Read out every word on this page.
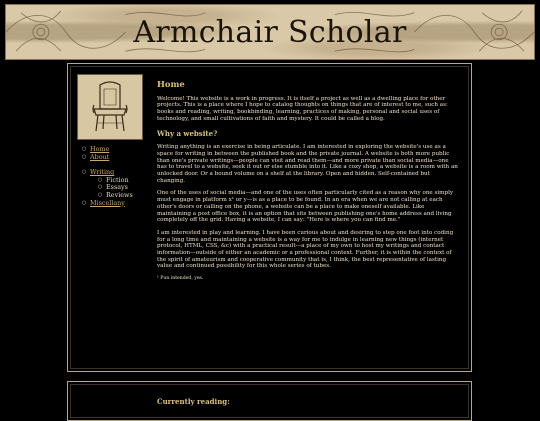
Armchair Scholar
○ Home
○ About
○ Writing
○ Fiction
○ Essays
○ Reviews
○ Miscellany
Home

Welcome! This website is a work in progress. It is itself a project as well as a dwelling place for other projects. This is a place where I hope to catalog thoughts on things that are of interest to me, such as: books and reading, writing, bookbinding, learning, practices of making, personal and social uses of technology, and small cultivations of faith and mystery. It could be called a blog.

Why a website?

Writing anything is an exercise in being articulate. I am interested in exploring the website's use as a space for writing in between the published book and the private journal. A website is both more public than one's private writings—people can visit and read them—and more private than social media—one has to travel to a website, seek it out or else stumble into it. Like a cozy shop, a website is a room with an unlocked door. Or a bound volume on a shelf at the library. Open and hidden. Self-contained but changing.

One of the uses of social media—and one of the uses often particularly cited as a reason why one simply must engage in platform x¹ or y—is as a place to be found. In an era when we are not calling at each other's doors or calling on the phone, a website can be a place to make oneself available. Like maintaining a post office box, it is an option that sits between publishing one's home address and living completely off the grid. Having a website, I can say: "Here is where you can find me."

I am interested in play and learning. I have been curious about and desiring to step one foot into coding for a long time and maintaining a website is a way for me to indulge in learning new things (internet protocol, HTML, CSS, &c) with a practical result—a place of my own to host my writings and contact information—outside of either an academic or a professional context. Further, it is within the context of the spirit of amateurism and cooperative community that is, I think, the best representative of lasting value and continued possibility for this whole series of tubes.

¹ Pun intended, yes.

Currently reading:
